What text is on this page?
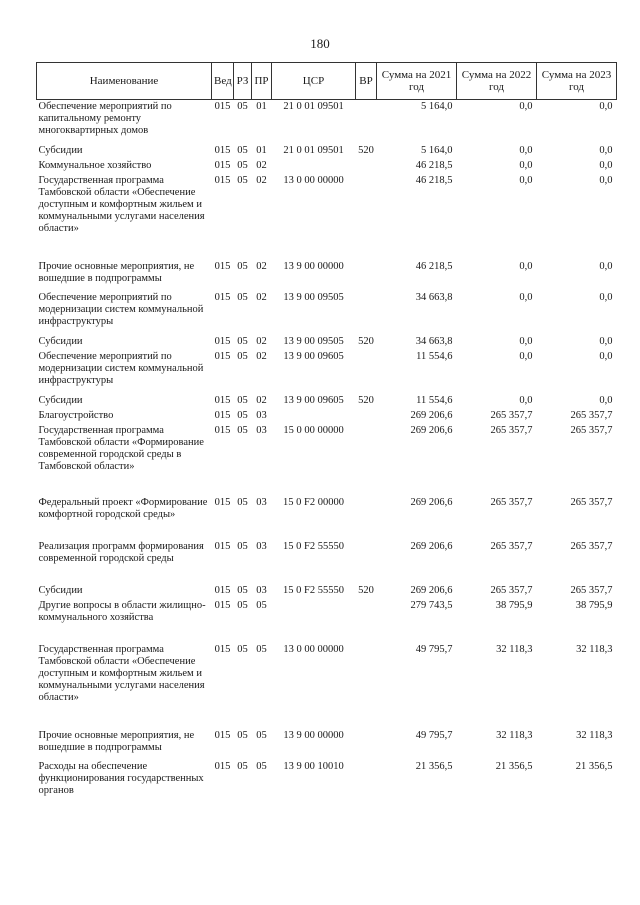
180
Наименование	Вед	РЗ	ПР	ЦСР	ВР	Сумма на 2021 год	Сумма на 2022 год	Сумма на 2023 год
Обеспечение мероприятий по капитальному ремонту многоквартирных домов	015	05	01	21 0 01 09501		5 164,0	0,0	0,0
Субсидии	015	05	01	21 0 01 09501	520	5 164,0	0,0	0,0
Коммунальное хозяйство	015	05	02			46 218,5	0,0	0,0
Государственная программа Тамбовской области «Обеспечение доступным и комфортным жильем и коммунальными услугами населения области»	015	05	02	13 0 00 00000		46 218,5	0,0	0,0
Прочие основные мероприятия, не вошедшие в подпрограммы	015	05	02	13 9 00 00000		46 218,5	0,0	0,0
Обеспечение мероприятий по модернизации систем коммунальной инфраструктуры	015	05	02	13 9 00 09505		34 663,8	0,0	0,0
Субсидии	015	05	02	13 9 00 09505	520	34 663,8	0,0	0,0
Обеспечение мероприятий по модернизации систем коммунальной инфраструктуры	015	05	02	13 9 00 09605		11 554,6	0,0	0,0
Субсидии	015	05	02	13 9 00 09605	520	11 554,6	0,0	0,0
Благоустройство	015	05	03			269 206,6	265 357,7	265 357,7
Государственная программа Тамбовской области «Формирование современной городской среды в Тамбовской области»	015	05	03	15 0 00 00000		269 206,6	265 357,7	265 357,7
Федеральный проект «Формирование комфортной городской среды»	015	05	03	15 0 F2 00000		269 206,6	265 357,7	265 357,7
Реализация программ формирования современной городской среды	015	05	03	15 0 F2 55550		269 206,6	265 357,7	265 357,7
Субсидии	015	05	03	15 0 F2 55550	520	269 206,6	265 357,7	265 357,7
Другие вопросы в области жилищно-коммунального хозяйства	015	05	05			279 743,5	38 795,9	38 795,9
Государственная программа Тамбовской области «Обеспечение доступным и комфортным жильем и коммунальными услугами населения области»	015	05	05	13 0 00 00000		49 795,7	32 118,3	32 118,3
Прочие основные мероприятия, не вошедшие в подпрограммы	015	05	05	13 9 00 00000		49 795,7	32 118,3	32 118,3
Расходы на обеспечение функционирования государственных органов	015	05	05	13 9 00 10010		21 356,5	21 356,5	21 356,5
